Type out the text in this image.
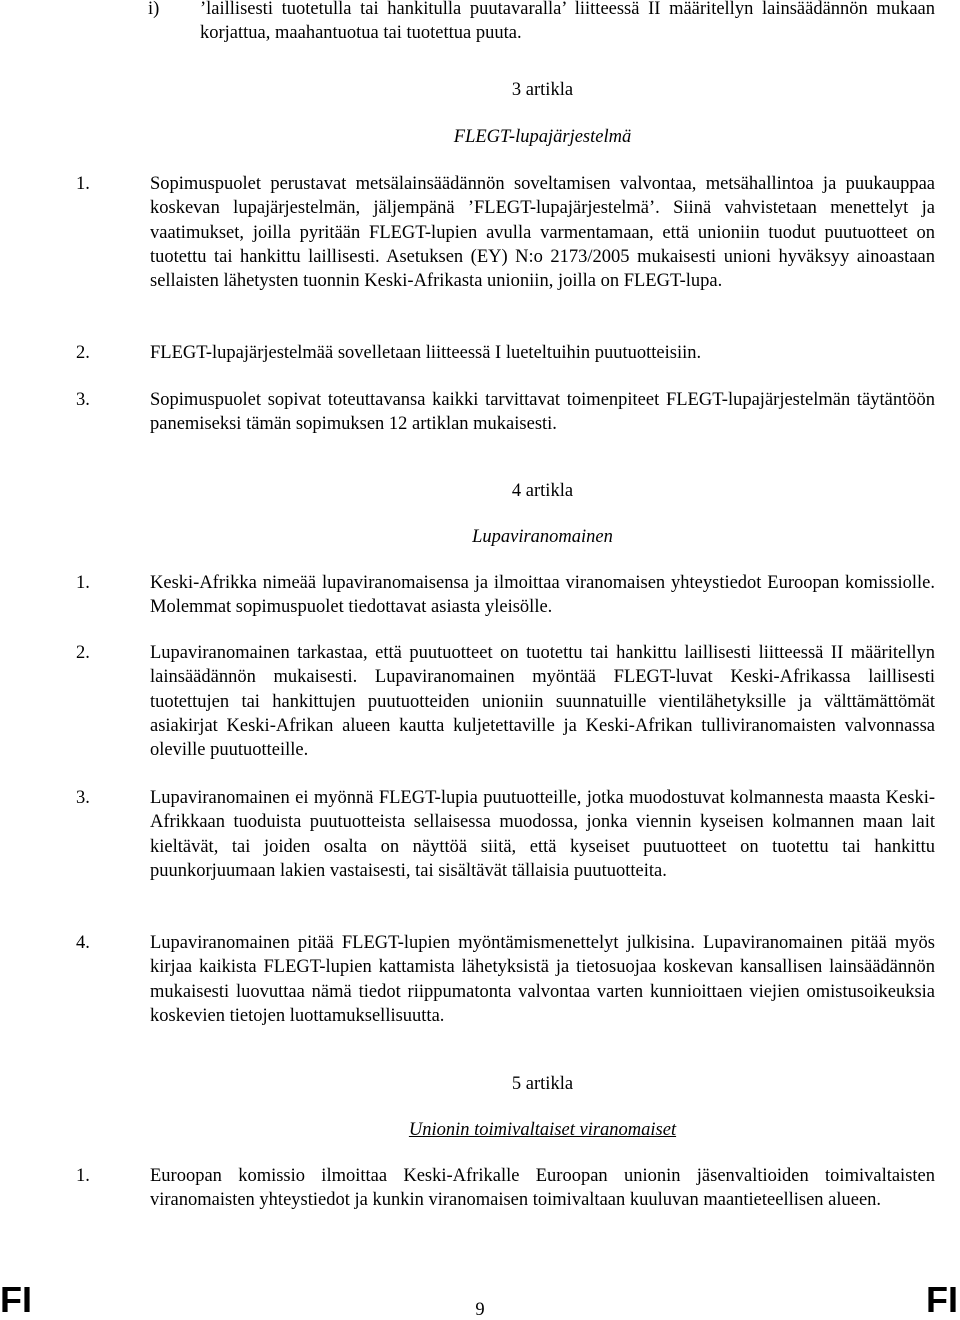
i) ’laillisesti tuotetulla tai hankitulla puutavaralla’ liitteessä II määritellyn lainsäädännön mukaan korjattua, maahantuotua tai tuotettua puuta.
3 artikla
FLEGT-lupajärjestelmä
1.	Sopimuspuolet perustavat metsälainsäädännön soveltamisen valvontaa, metsähallintoa ja puukauppaa koskevan lupajärjestelmän, jäljempänä ’FLEGT-lupajärjestelmä’. Siinä vahvistetaan menettelyt ja vaatimukset, joilla pyritään FLEGT-lupien avulla varmentamaan, että unioniin tuodut puutuotteet on tuotettu tai hankittu laillisesti. Asetuksen (EY) N:o 2173/2005 mukaisesti unioni hyväksyy ainoastaan sellaisten lähetysten tuonnin Keski-Afrikasta unioniin, joilla on FLEGT-lupa.
2.	FLEGT-lupajärjestelmää sovelletaan liitteessä I lueteltuihin puutuotteisiin.
3.	Sopimuspuolet sopivat toteuttavansa kaikki tarvittavat toimenpiteet FLEGT-lupajärjestelmän täytäntöön panemiseksi tämän sopimuksen 12 artiklan mukaisesti.
4 artikla
Lupaviranomainen
1.	Keski-Afrikka nimeää lupaviranomaisensa ja ilmoittaa viranomaisen yhteystiedot Euroopan komissiolle. Molemmat sopimuspuolet tiedottavat asiasta yleisölle.
2.	Lupaviranomainen tarkastaa, että puutuotteet on tuotettu tai hankittu laillisesti liitteessä II määritellyn lainsäädännön mukaisesti. Lupaviranomainen myöntää FLEGT-luvat Keski-Afrikassa laillisesti tuotettujen tai hankittujen puutuotteiden unioniin suunnatuille vientilähetyksille ja välttämättömät asiakirjat Keski-Afrikan alueen kautta kuljetettaville ja Keski-Afrikan tulliviranomaisten valvonnassa oleville puutuotteille.
3.	Lupaviranomainen ei myönnä FLEGT-lupia puutuotteille, jotka muodostuvat kolmannesta maasta Keski-Afrikkaan tuoduista puutuotteista sellaisessa muodossa, jonka viennin kyseisen kolmannen maan lait kieltävät, tai joiden osalta on näyttöä siitä, että kyseiset puutuotteet on tuotettu tai hankittu puunkorjuumaan lakien vastaisesti, tai sisältävät tällaisia puutuotteita.
4.	Lupaviranomainen pitää FLEGT-lupien myöntämismenettelyt julkisina. Lupaviranomainen pitää myös kirjaa kaikista FLEGT-lupien kattamista lähetyksistä ja tietosuojaa koskevan kansallisen lainsäädännön mukaisesti luovuttaa nämä tiedot riippumatonta valvontaa varten kunnioittaen viejien omistusoikeuksia koskevien tietojen luottamuksellisuutta.
5 artikla
Unionin toimivaltaiset viranomaiset
1.	Euroopan komissio ilmoittaa Keski-Afrikalle Euroopan unionin jäsenvaltioiden toimivaltaisten viranomaisten yhteystiedot ja kunkin viranomaisen toimivaltaan kuuluvan maantieteellisen alueen.
FI	9	FI
